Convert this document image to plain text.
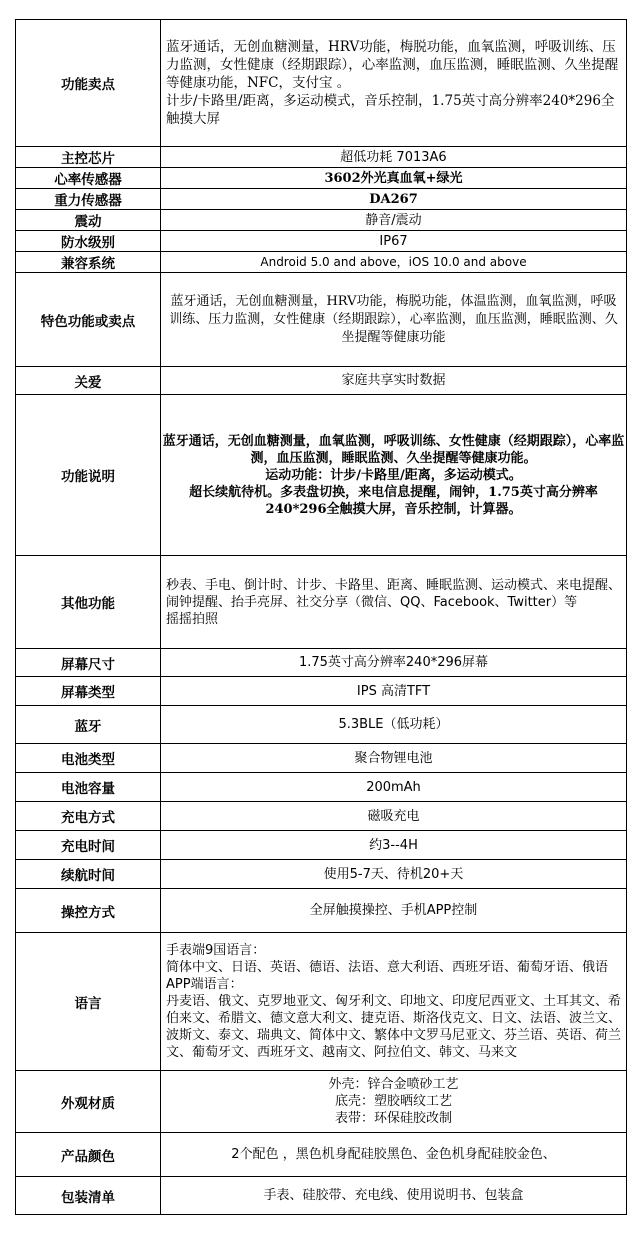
功能卖点	蓝牙通话，无创血糖测量，HRV功能，梅脱功能，血氧监测，呼吸训练、压力监测，女性健康（经期跟踪），心率监测，血压监测，睡眠监测、久坐提醒等健康功能，NFC，支付宝 。
计步/卡路里/距离，多运动模式，音乐控制，1.75英寸高分辨率240*296全触摸大屏

主控芯片	超低功耗 7013A6
心率传感器	3602外光真血氧+绿光
重力传感器	DA267
震动	静音/震动
防水级别	IP67
兼容系统	Android 5.0 and above，iOS 10.0 and above
特色功能或卖点	蓝牙通话，无创血糖测量，HRV功能，梅脱功能，体温监测，血氧监测，呼吸训练、压力监测，女性健康（经期跟踪），心率监测，血压监测，睡眠监测、久坐提醒等健康功能
关爱	家庭共享实时数据
功能说明	蓝牙通话，无创血糖测量，血氧监测，呼吸训练、女性健康（经期跟踪），心率监测，血压监测，睡眠监测、久坐提醒等健康功能。
运动功能：计步/卡路里/距离，多运动模式。
超长续航待机。多表盘切换，来电信息提醒，闹钟，1.75英寸高分辨率240*296全触摸大屏，音乐控制，计算器。

其他功能	秒表、手电、倒计时、计步、卡路里、距离、睡眠监测、运动模式、来电提醒、闹钟提醒、抬手亮屏、社交分享（微信、QQ、Facebook、Twitter）等
摇摇拍照

屏幕尺寸	1.75英寸高分辨率240*296屏幕
屏幕类型	IPS 高清TFT
蓝牙	5.3BLE（低功耗）
电池类型	聚合物锂电池
电池容量	200mAh
充电方式	磁吸充电
充电时间	约3--4H
续航时间	使用5-7天、待机20+天
操控方式	全屏触摸操控、手机APP控制
语言	手表端9国语言：
简体中文、日语、英语、德语、法语、意大利语、西班牙语、葡萄牙语、俄语
APP端语言：
丹麦语、俄文、克罗地亚文、匈牙利文、印地文、印度尼西亚文、土耳其文、希伯来文、希腊文、德文意大利文、捷克语、斯洛伐克文、日文、法语、波兰文、波斯文、泰文、瑞典文、简体中文、繁体中文罗马尼亚文、芬兰语、英语、荷兰文、葡萄牙文、西班牙文、越南文、阿拉伯文、韩文、马来文

外观材质	外壳：锌合金喷砂工艺
底壳：塑胶晒纹工艺
表带：环保硅胶改制

产品颜色	2个配色 ，黑色机身配硅胶黑色、金色机身配硅胶金色、
包装清单	手表、硅胶带、充电线、使用说明书、包装盒
